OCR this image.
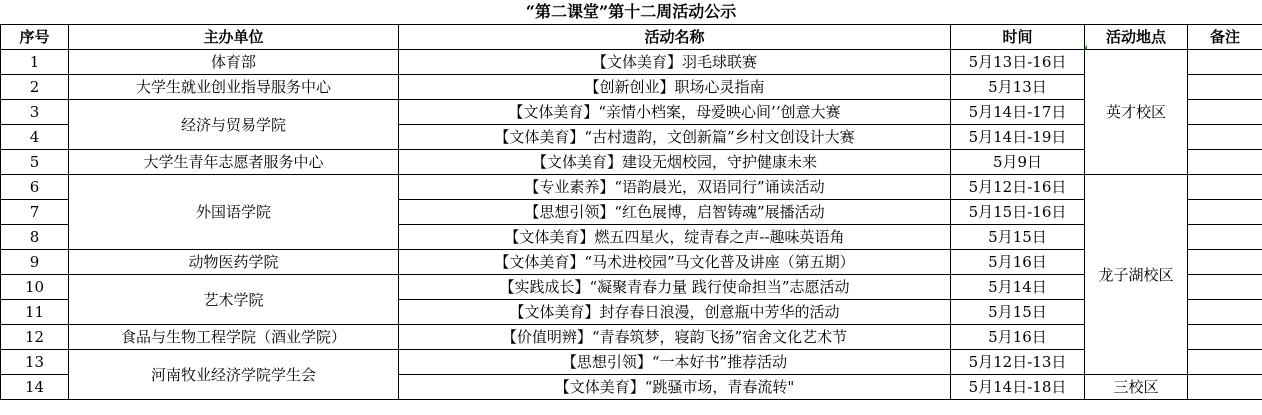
“第二课堂”第十二周活动公示
序号	主办单位	活动名称	时间	活动地点	备注
1	体育部	【文体美育】羽毛球联赛	5月13日-16日	英才校区	
2	大学生就业创业指导服务中心	【创新创业】职场心灵指南	5月13日		
3	经济与贸易学院	【文体美育】“亲情小档案，母爱映心间’’创意大赛	5月14日-17日		
4		【文体美育】“古村遗韵，文创新篇”乡村文创设计大赛	5月14日-19日		
5	大学生青年志愿者服务中心	【文体美育】建设无烟校园，守护健康未来	5月9日		
6	外国语学院	【专业素养】“语韵晨光，双语同行”诵读活动	5月12日-16日	龙子湖校区	
7		【思想引领】“红色展博，启智铸魂”展播活动	5月15日-16日		
8		【文体美育】燃五四星火，绽青春之声--趣味英语角	5月15日		
9	动物医药学院	【文体美育】“马术进校园”马文化普及讲座（第五期）	5月16日		
10	艺术学院	【实践成长】“凝聚青春力量 践行使命担当”志愿活动	5月14日		
11		【文体美育】封存春日浪漫，创意瓶中芳华的活动	5月15日		
12	食品与生物工程学院（酒业学院）	【价值明辨】“青春筑梦，寝韵飞扬”宿舍文化艺术节	5月16日		
13	河南牧业经济学院学生会	【思想引领】“一本好书”推荐活动	5月12日-13日		
14		【文体美育】“跳骚市场，青春流转"	5月14日-18日	三校区	
